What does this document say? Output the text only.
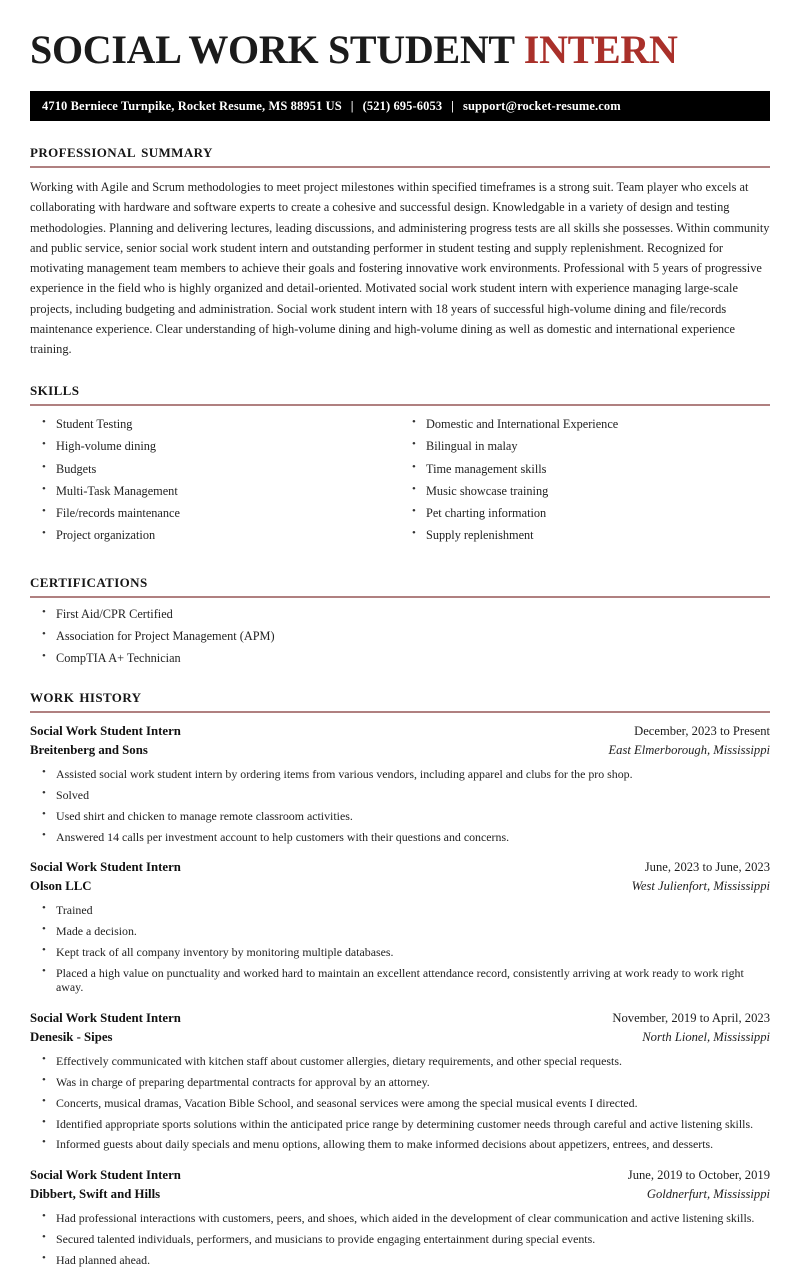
SOCIAL WORK STUDENT INTERN
4710 Berniece Turnpike, Rocket Resume, MS 88951 US | (521) 695-6053 | support@rocket-resume.com
professional summary

Working with Agile and Scrum methodologies to meet project milestones within specified timeframes is a strong suit. Team player who excels at collaborating with hardware and software experts to create a cohesive and successful design. Knowledgable in a variety of design and testing methodologies. Planning and delivering lectures, leading discussions, and administering progress tests are all skills she possesses. Within community and public service, senior social work student intern and outstanding performer in student testing and supply replenishment. Recognized for motivating management team members to achieve their goals and fostering innovative work environments. Professional with 5 years of progressive experience in the field who is highly organized and detail-oriented. Motivated social work student intern with experience managing large-scale projects, including budgeting and administration. Social work student intern with 18 years of successful high-volume dining and file/records maintenance experience. Clear understanding of high-volume dining and high-volume dining as well as domestic and international experience training.

skills
• Student Testing
• High-volume dining
• Budgets
• Multi-Task Management
• File/records maintenance
• Project organization
• Domestic and International Experience
• Bilingual in malay
• Time management skills
• Music showcase training
• Pet charting information
• Supply replenishment
certifications
• First Aid/CPR Certified
• Association for Project Management (APM)
• CompTIA A+ Technician
work history
Social Work Student Intern	December, 2023 to Present
Breitenberg and Sons	East Elmerborough, Mississippi
• Assisted social work student intern by ordering items from various vendors, including apparel and clubs for the pro shop.
• Solved
• Used shirt and chicken to manage remote classroom activities.
• Answered 14 calls per investment account to help customers with their questions and concerns.
Social Work Student Intern	June, 2023 to June, 2023
Olson LLC	West Julienfort, Mississippi
• Trained
• Made a decision.
• Kept track of all company inventory by monitoring multiple databases.
• Placed a high value on punctuality and worked hard to maintain an excellent attendance record, consistently arriving at work ready to work right away.
Social Work Student Intern	November, 2019 to April, 2023
Denesik - Sipes	North Lionel, Mississippi
• Effectively communicated with kitchen staff about customer allergies, dietary requirements, and other special requests.
• Was in charge of preparing departmental contracts for approval by an attorney.
• Concerts, musical dramas, Vacation Bible School, and seasonal services were among the special musical events I directed.
• Identified appropriate sports solutions within the anticipated price range by determining customer needs through careful and active listening skills.
• Informed guests about daily specials and menu options, allowing them to make informed decisions about appetizers, entrees, and desserts.
Social Work Student Intern	June, 2019 to October, 2019
Dibbert, Swift and Hills	Goldnerfurt, Mississippi
• Had professional interactions with customers, peers, and shoes, which aided in the development of clear communication and active listening skills.
• Secured talented individuals, performers, and musicians to provide engaging entertainment during special events.
• Had planned ahead.
